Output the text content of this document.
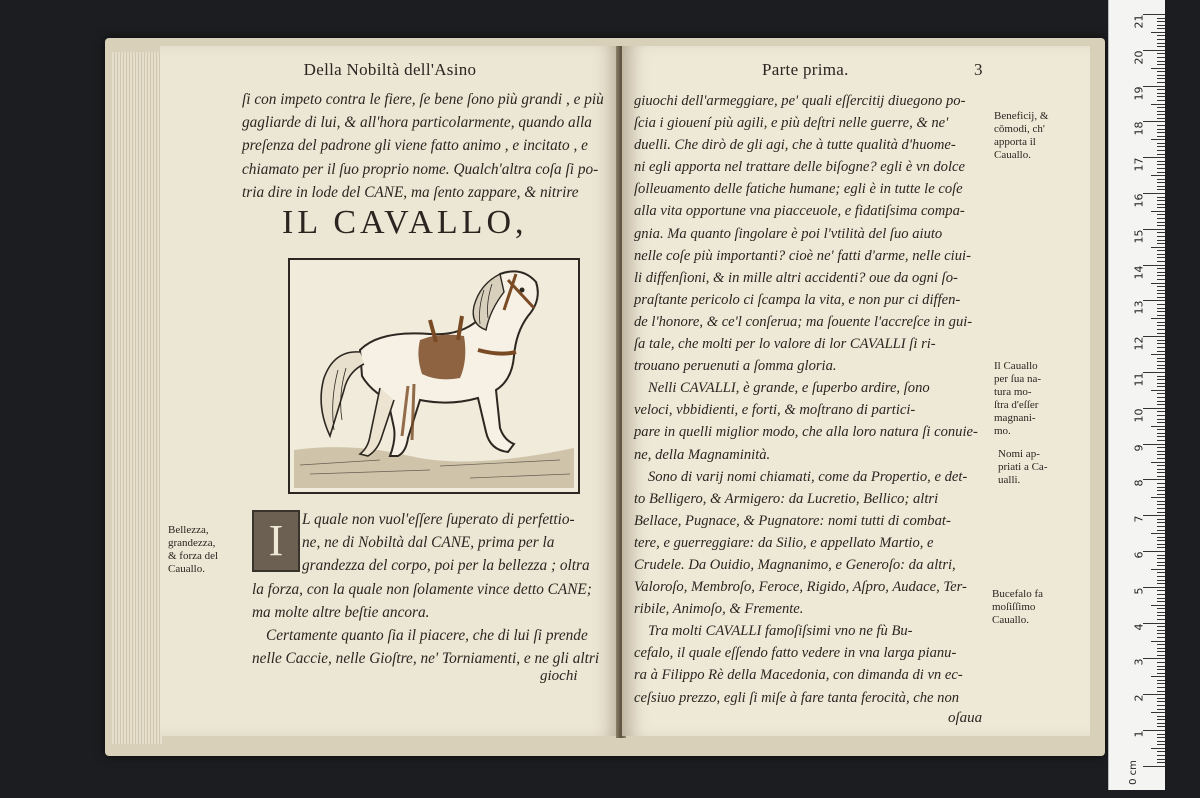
Della Nobiltà dell'Asino
ſi con impeto contra le fiere, ſe bene ſono più grandi , e più
gagliarde di lui, & all'hora particolarmente, quando alla
preſenza del padrone gli viene fatto animo , e incitato , e
chiamato per il ſuo proprio nome. Qualch'altra coſa ſi po-
tria dire in lode del CANE, ma ſento zappare, & nitrire
IL CAVALLO,
Bellezza,
grandezza,
& forza del
Cauallo.
I	L quale non vuol'eſſere ſuperato di perfettio-
ne, ne di Nobiltà dal CANE, prima per la
grandezza del corpo, poi per la bellezza ; oltra
la forza, con la quale non ſolamente vince detto CANE;
ma molte altre beſtie ancora.
Certamente quanto ſia il piacere, che di lui ſi prende
nelle Caccie, nelle Gioſtre, ne' Torniamenti, e ne gli altri
giochi
Parte prima.	3
giuochi dell'armeggiare, pe' quali eſſercitij diuegono po-
ſcia i giouení più agili, e più deſtri nelle guerre, & ne'
duelli. Che dirò de gli agi, che à tutte qualità d'huome-
ni egli apporta nel trattare delle biſogne? egli è vn dolce
ſolleuamento delle fatiche humane; egli è in tutte le coſe
alla vita opportune vna piacceuole, e fidatiſsima compa-
gnia. Ma quanto ſingolare è poi l'vtilità del ſuo aiuto
nelle coſe più importanti? cioè ne' fatti d'arme, nelle ciui-
li diffenſioni, & in mille altri accidenti? oue da ogni ſo-
praſtante pericolo ci ſcampa la vita, e non pur ci diffen-
de l'honore, & ce'l conſerua; ma ſouente l'accreſce in gui-
ſa tale, che molti per lo valore di lor CAVALLI ſi ri-
trouano peruenuti a ſomma gloria.
Nelli CAVALLI, è grande, e ſuperbo ardire, ſono
veloci, vbbidienti, e forti, & moſtrano di partici-
pare in quelli miglior modo, che alla loro natura ſi conuie-
ne, della Magnaminità.
Sono di varij nomi chiamati, come da Propertio, e det-
to Belligero, & Armigero: da Lucretio, Bellico; altri
Bellace, Pugnace, & Pugnatore: nomi tutti di combat-
tere, e guerreggiare: da Silio, e appellato Martio, e
Crudele. Da Ouidio, Magnanimo, e Generoſo: da altri,
Valoroſo, Membroſo, Feroce, Rigido, Aſpro, Audace, Ter-
ribile, Animoſo, & Fremente.
Tra molti CAVALLI famoſiſsimi vno ne fù Bu-
cefalo, il quale eſſendo fatto vedere in vna larga pianu-
ra à Filippo Rè della Macedonia, con dimanda di vn ec-
ceſsiuo prezzo, egli ſi miſe à fare tanta ferocità, che non
oſaua
Beneficij, &
cōmodi, ch'
apporta il
Cauallo.
Il Cauallo
per ſua na-
tura mo-
ſtra d'eſſer
magnani-
mo.
Nomi ap-
priati a Ca-
ualli.
Bucefalo fa
moſiſſimo
Cauallo.
0 cm
21
20
19
18
17
16
15
14
13
12
11
10
9
8
7
6
5
4
3
2
1
